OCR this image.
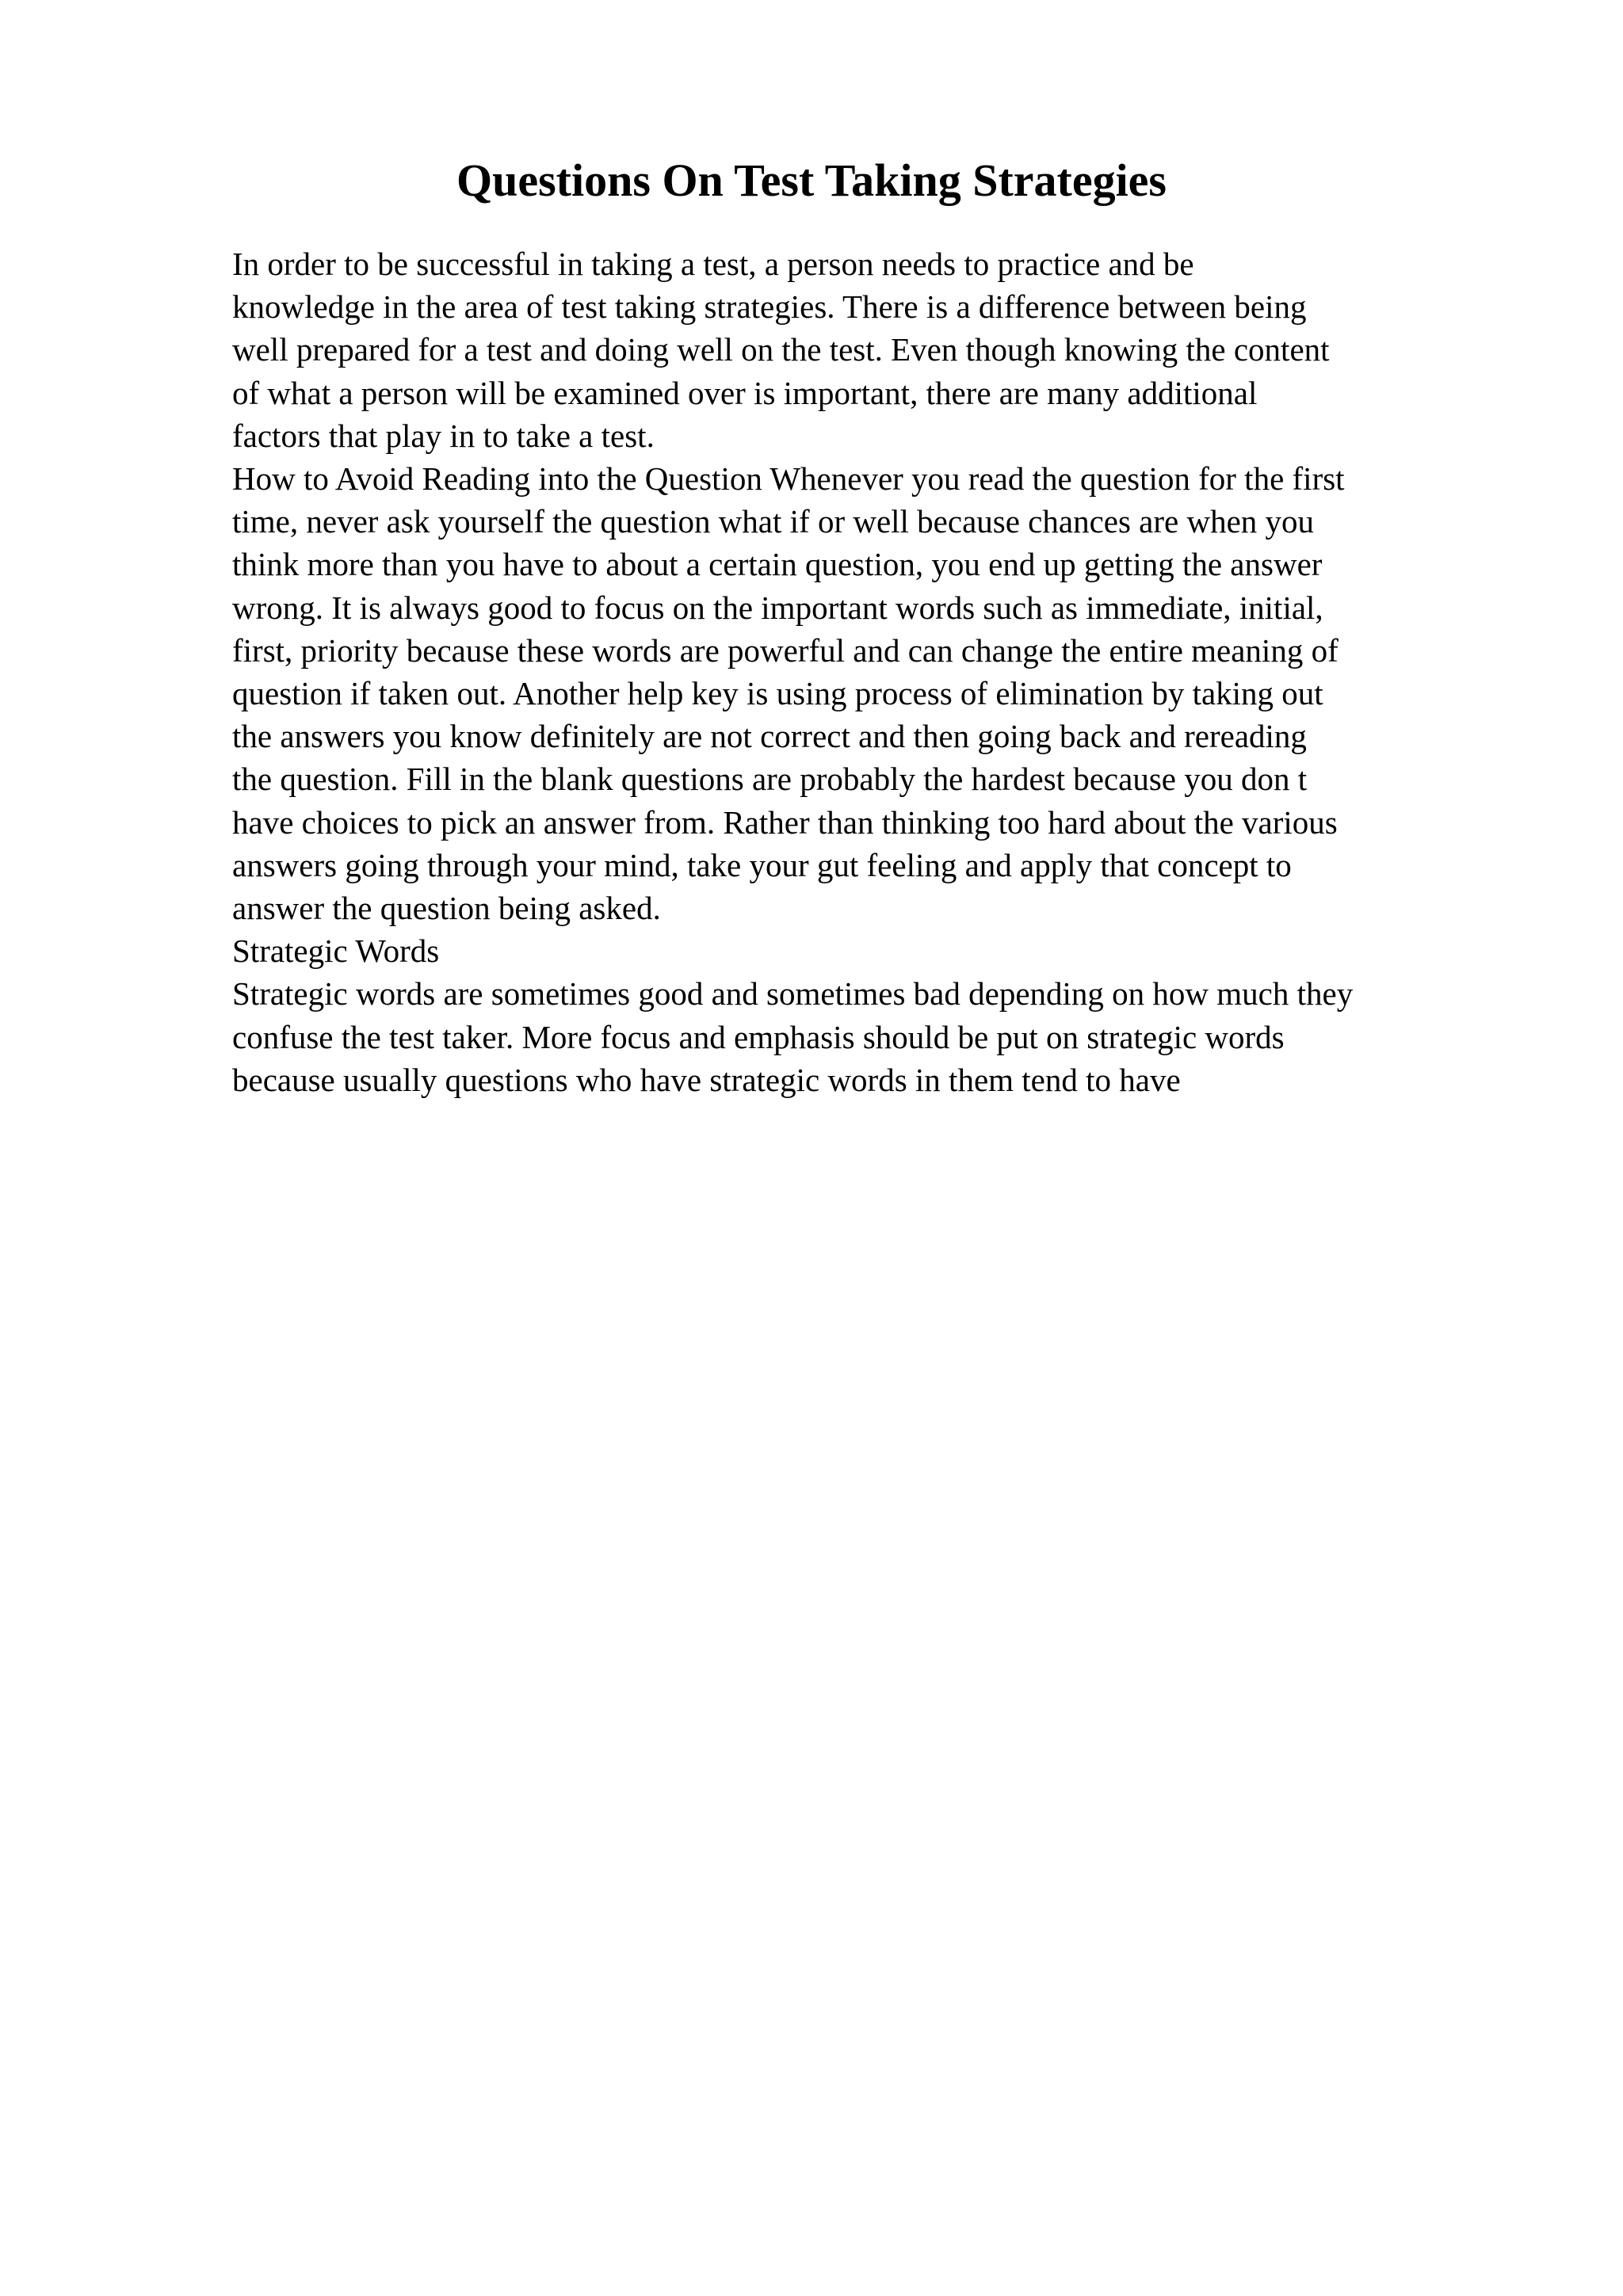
Questions On Test Taking Strategies
In order to be successful in taking a test, a person needs to practice and be
knowledge in the area of test taking strategies. There is a difference between being
well prepared for a test and doing well on the test. Even though knowing the content
of what a person will be examined over is important, there are many additional
factors that play in to take a test.
How to Avoid Reading into the Question Whenever you read the question for the first
time, never ask yourself the question what if or well because chances are when you
think more than you have to about a certain question, you end up getting the answer
wrong. It is always good to focus on the important words such as immediate, initial,
first, priority because these words are powerful and can change the entire meaning of
question if taken out. Another help key is using process of elimination by taking out
the answers you know definitely are not correct and then going back and rereading
the question. Fill in the blank questions are probably the hardest because you don t
have choices to pick an answer from. Rather than thinking too hard about the various
answers going through your mind, take your gut feeling and apply that concept to
answer the question being asked.
Strategic Words
Strategic words are sometimes good and sometimes bad depending on how much they
confuse the test taker. More focus and emphasis should be put on strategic words
because usually questions who have strategic words in them tend to have
